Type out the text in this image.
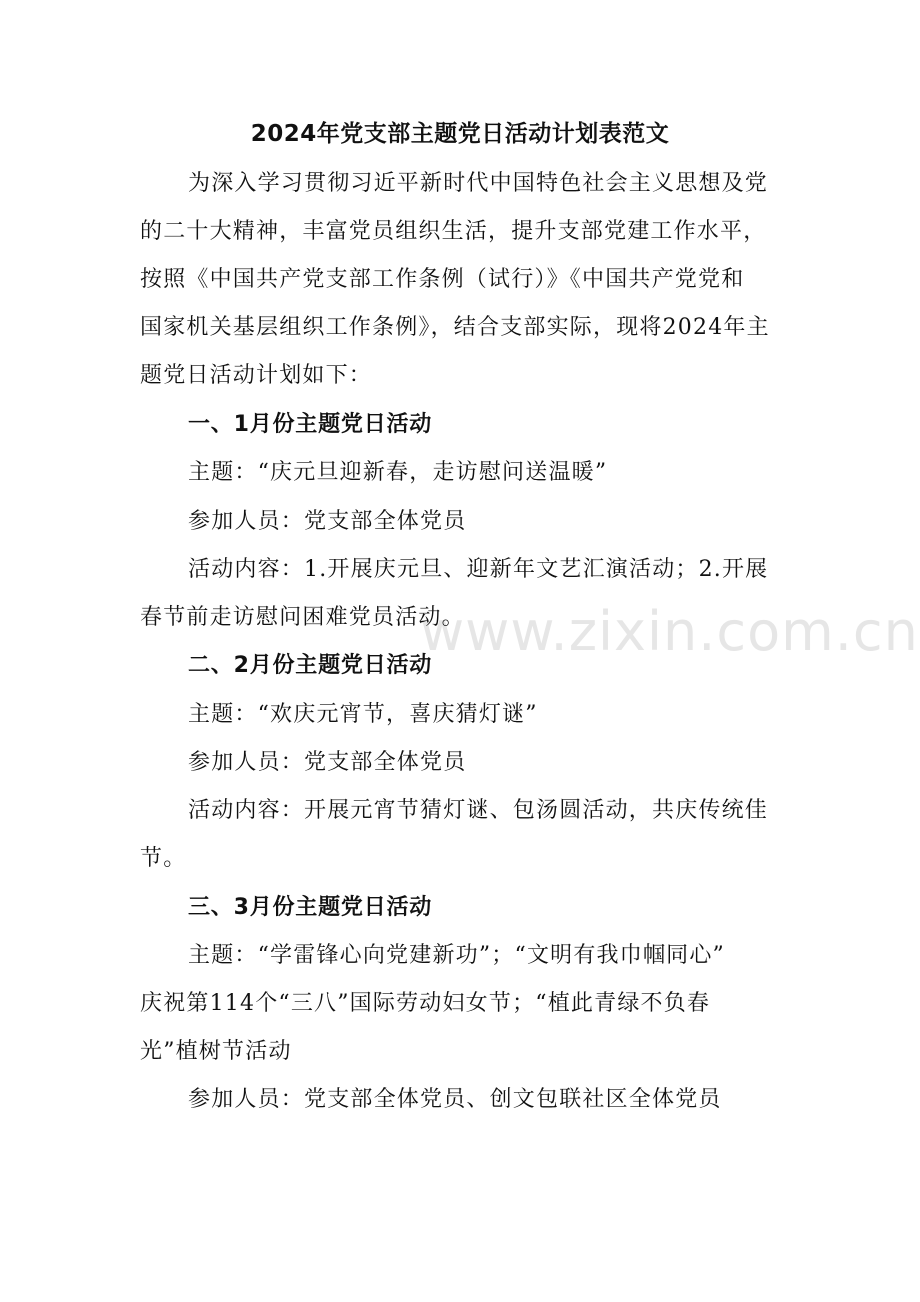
www.zixin.com.cn
2024年党支部主题党日活动计划表范文
为深入学习贯彻习近平新时代中国特色社会主义思想及党
的二十大精神，丰富党员组织生活，提升支部党建工作水平，
按照《中国共产党支部工作条例（试行）》《中国共产党党和
国家机关基层组织工作条例》，结合支部实际，现将2024年主
题党日活动计划如下：
一、1月份主题党日活动
主题：“庆元旦迎新春，走访慰问送温暖”
参加人员：党支部全体党员
活动内容：1.开展庆元旦、迎新年文艺汇演活动；2.开展
春节前走访慰问困难党员活动。
二、2月份主题党日活动
主题：“欢庆元宵节，喜庆猜灯谜”
参加人员：党支部全体党员
活动内容：开展元宵节猜灯谜、包汤圆活动，共庆传统佳
节。
三、3月份主题党日活动
主题：“学雷锋心向党建新功”；“文明有我巾帼同心”
庆祝第114个“三八”国际劳动妇女节；“植此青绿不负春
光”植树节活动
参加人员：党支部全体党员、创文包联社区全体党员
